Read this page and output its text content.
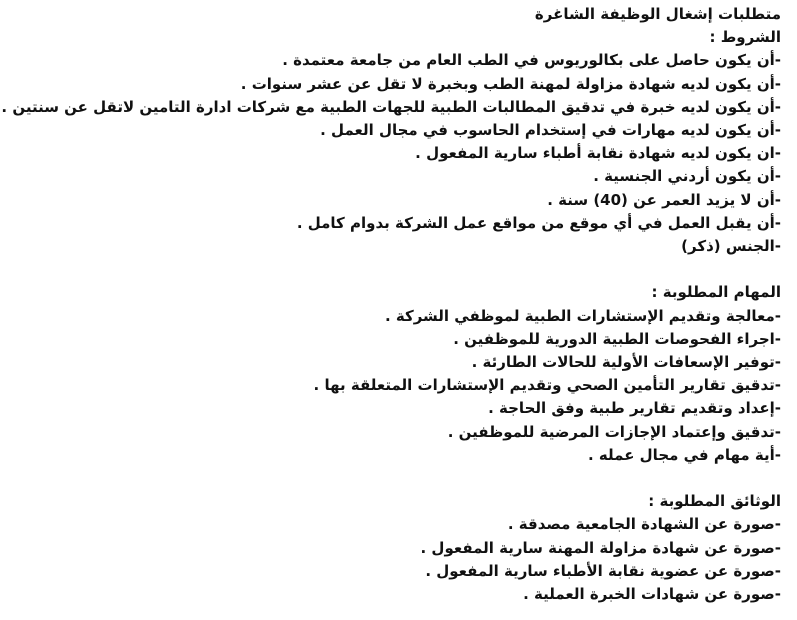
متطلبات إشغال الوظيفة الشاغرة
الشروط :
-أن يكون حاصل على بكالوريوس في الطب العام من جامعة معتمدة .
-أن يكون لديه شهادة مزاولة لمهنة الطب وبخبرة لا تقل عن عشر سنوات .
-أن يكون لديه خبرة في تدقيق المطالبات الطبية للجهات الطبية مع شركات ادارة التامين لاتقل عن سنتين .
-أن يكون لديه مهارات في إستخدام الحاسوب في مجال العمل .
-ان يكون لديه شهادة نقابة أطباء سارية المفعول .
-أن يكون أردني الجنسية .
-أن لا يزيد العمر عن (40) سنة .
-أن يقبل العمل في أي موقع من مواقع عمل الشركة بدوام كامل .
-الجنس (ذكر)
المهام المطلوبة :
-معالجة وتقديم الإستشارات الطبية لموظفي الشركة .
-اجراء الفحوصات الطبية الدورية للموظفين .
-توفير الإسعافات الأولية للحالات الطارئة .
-تدقيق تقارير التأمين الصحي وتقديم الإستشارات المتعلقة بها .
-إعداد وتقديم تقارير طبية وفق الحاجة .
-تدقيق وإعتماد الإجازات المرضية للموظفين .
-أية مهام في مجال عمله .
الوثائق المطلوبة :
-صورة عن الشهادة الجامعية مصدقة .
-صورة عن شهادة مزاولة المهنة سارية المفعول .
-صورة عن عضوية نقابة الأطباء سارية المفعول .
-صورة عن شهادات الخبرة العملية .
